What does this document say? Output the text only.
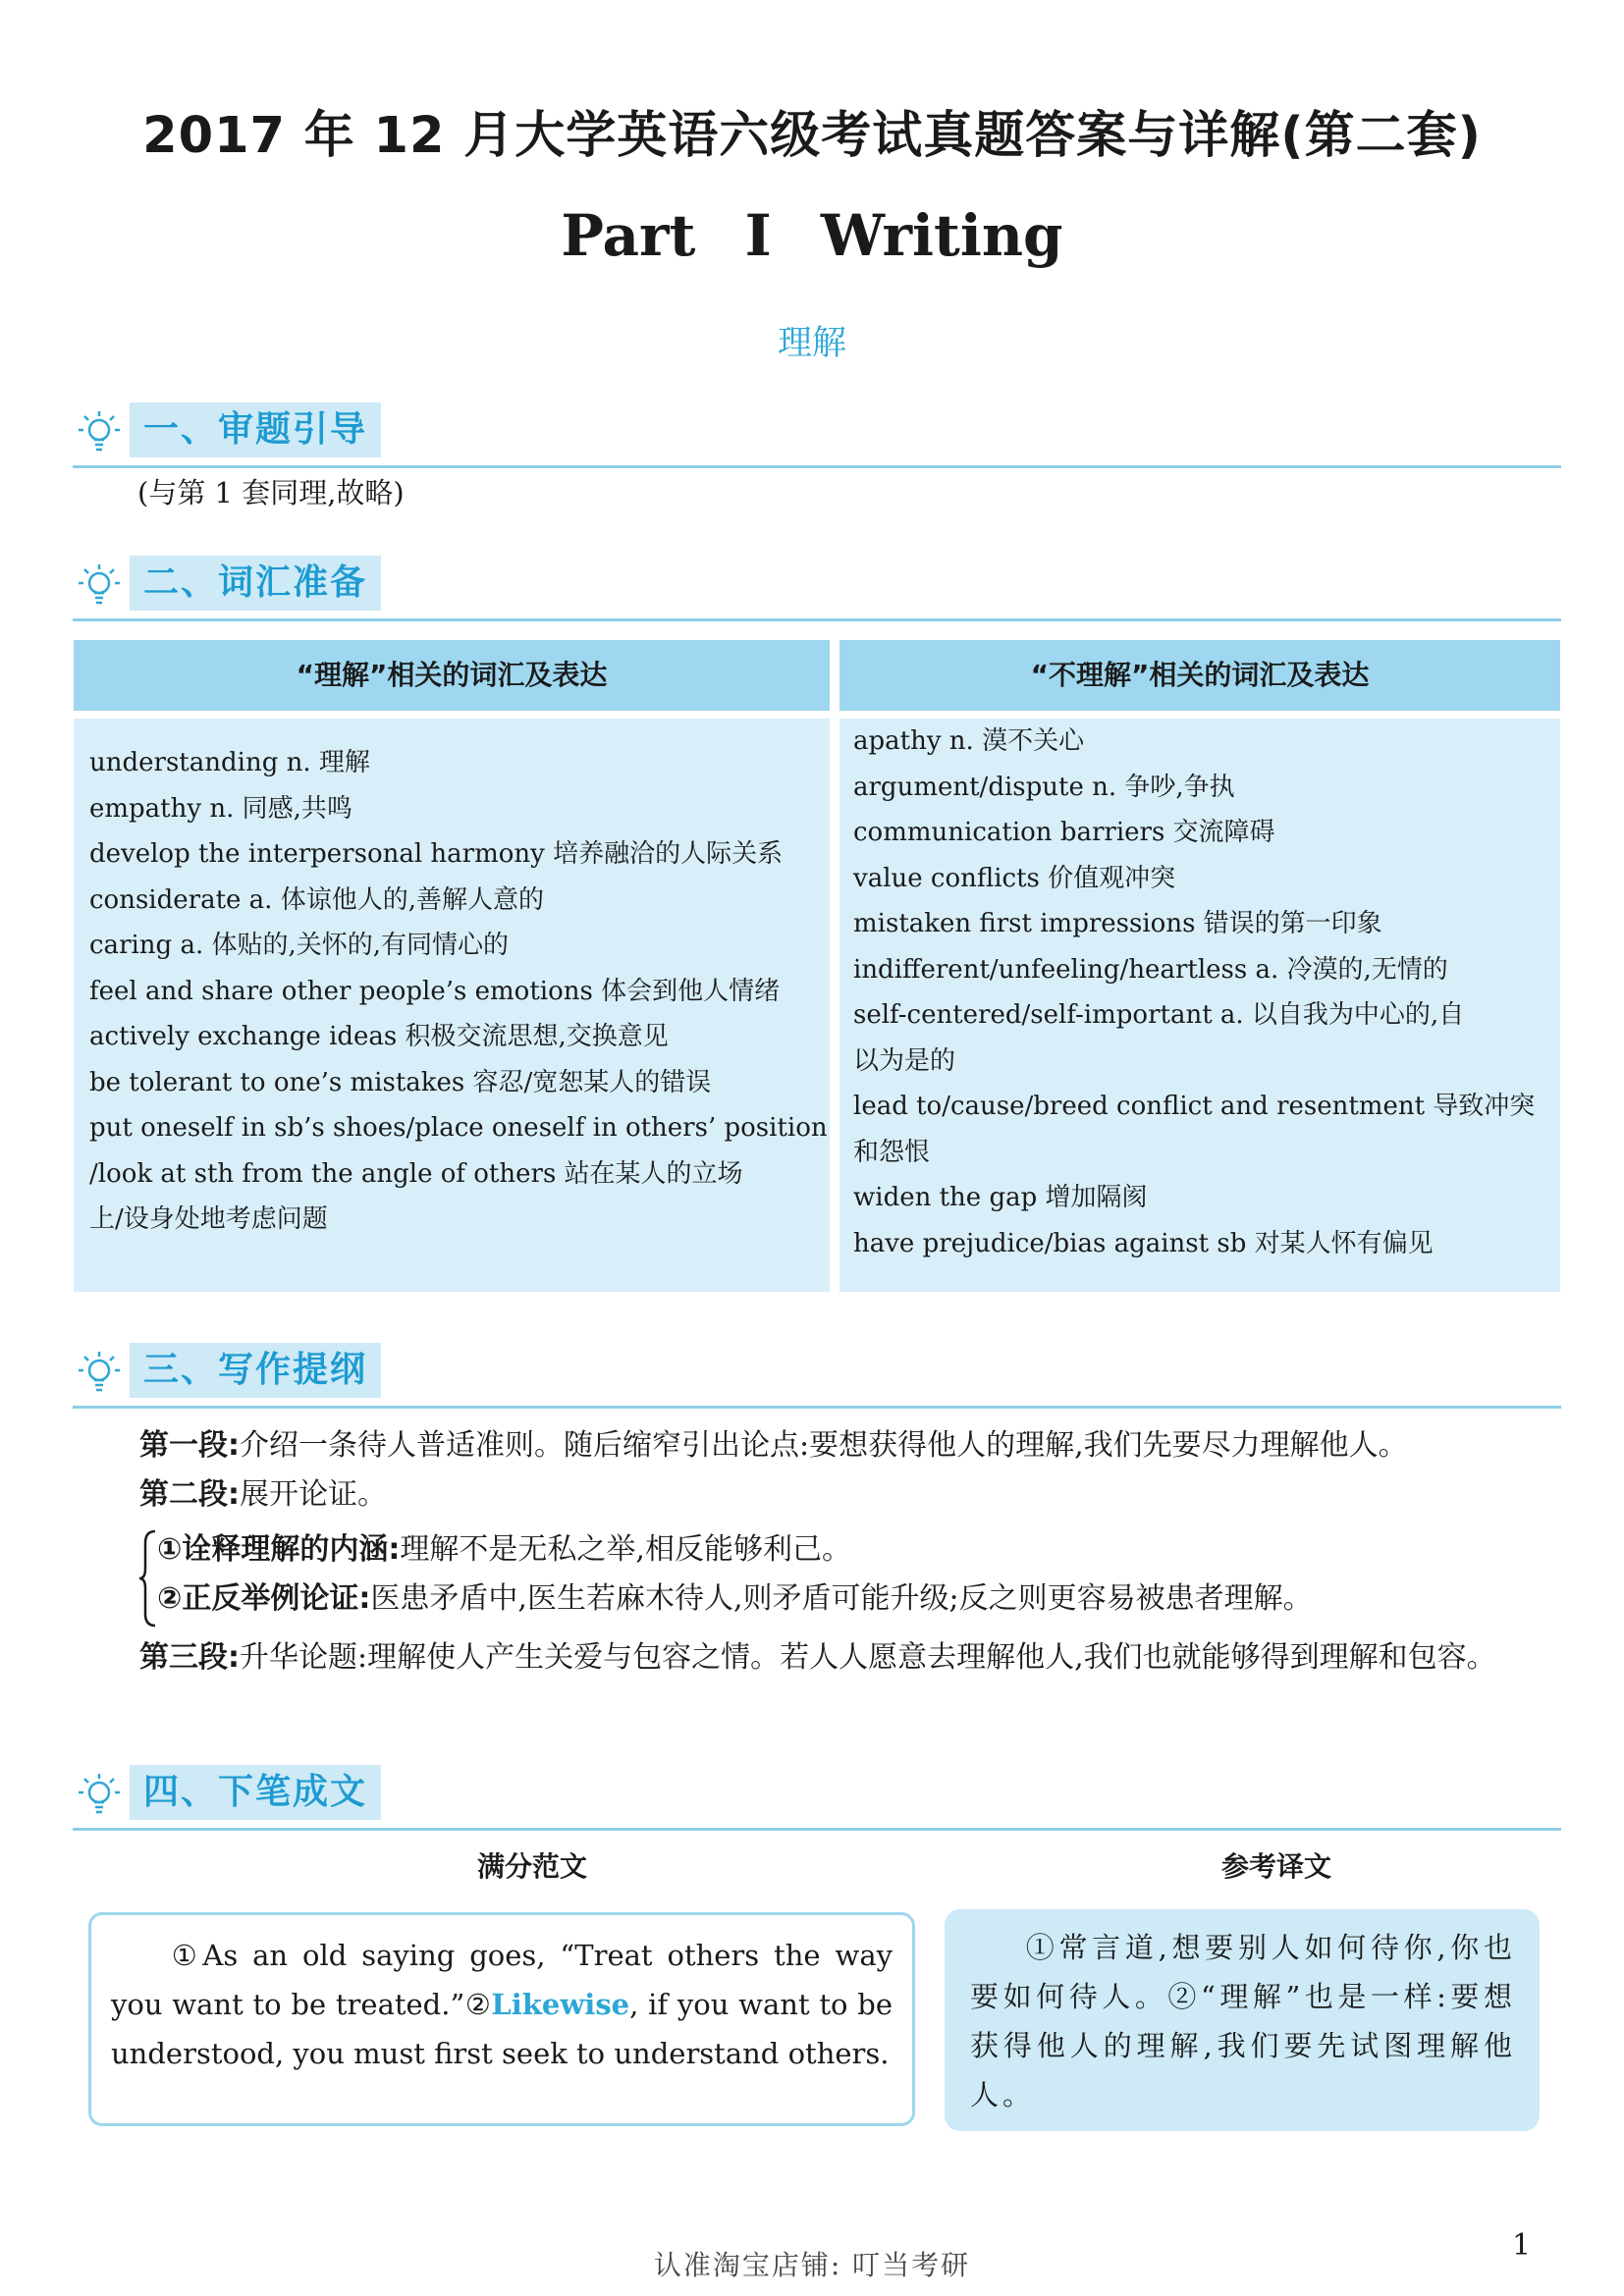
2017 年 12 月大学英语六级考试真题答案与详解(第二套)
Part I Writing
理解
一、审题引导
(与第 1 套同理,故略)
二、词汇准备
“理解”相关的词汇及表达	“不理解”相关的词汇及表达
understanding n. 理解
empathy n. 同感,共鸣
develop the interpersonal harmony 培养融洽的人际关系
considerate a. 体谅他人的,善解人意的
caring a. 体贴的,关怀的,有同情心的
feel and share other people’s emotions 体会到他人情绪
actively exchange ideas 积极交流思想,交换意见
be tolerant to one’s mistakes 容忍/宽恕某人的错误
put oneself in sb’s shoes/place oneself in others’ position
/look at sth from the angle of others 站在某人的立场
上/设身处地考虑问题
apathy n. 漠不关心
argument/dispute n. 争吵,争执
communication barriers 交流障碍
value conflicts 价值观冲突
mistaken first impressions 错误的第一印象
indifferent/unfeeling/heartless a. 冷漠的,无情的
self-centered/self-important a. 以自我为中心的,自
以为是的
lead to/cause/breed conflict and resentment 导致冲突
和怨恨
widen the gap 增加隔阂
have prejudice/bias against sb 对某人怀有偏见
三、写作提纲
第一段:介绍一条待人普适准则。随后缩窄引出论点:要想获得他人的理解,我们先要尽力理解他人。
第二段:展开论证。
①诠释理解的内涵:理解不是无私之举,相反能够利己。
②正反举例论证:医患矛盾中,医生若麻木待人,则矛盾可能升级;反之则更容易被患者理解。
第三段:升华论题:理解使人产生关爱与包容之情。若人人愿意去理解他人,我们也就能够得到理解和包容。
四、下笔成文
满分范文	参考译文
①As an old saying goes, “Treat others the way you want to be treated.”②Likewise, if you want to be understood, you must first seek to understand others.
①常言道,想要别人如何待你,你也要如何待人。②“理解”也是一样:要想获得他人的理解,我们要先试图理解他人。
认准淘宝店铺: 叮当考研
1
